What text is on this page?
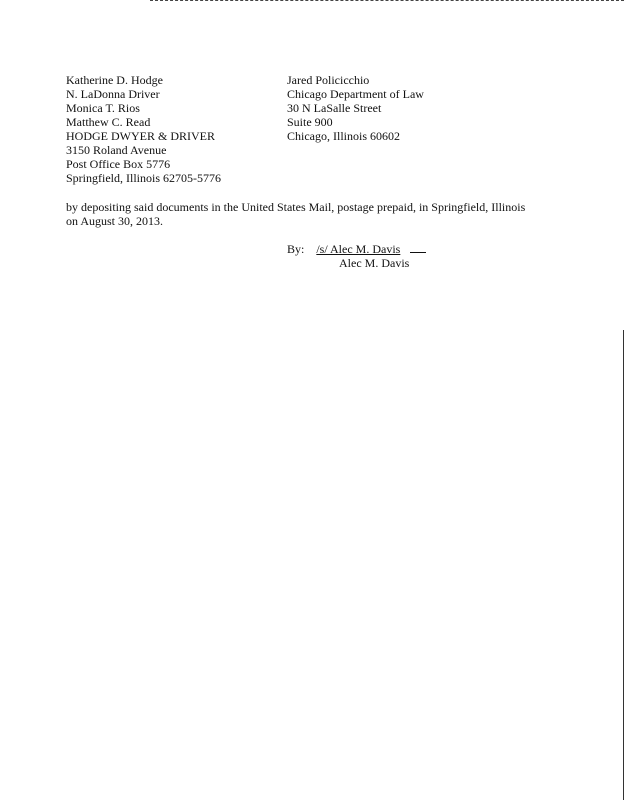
Katherine D. Hodge
N. LaDonna Driver
Monica T. Rios
Matthew C. Read
HODGE DWYER & DRIVER
3150 Roland Avenue
Post Office Box 5776
Springfield, Illinois 62705-5776
Jared Policicchio
Chicago Department of Law
30 N LaSalle Street
Suite 900
Chicago, Illinois 60602
by depositing said documents in the United States Mail, postage prepaid, in Springfield, Illinois
on August 30, 2013.
By: /s/ Alec M. Davis
Alec M. Davis
